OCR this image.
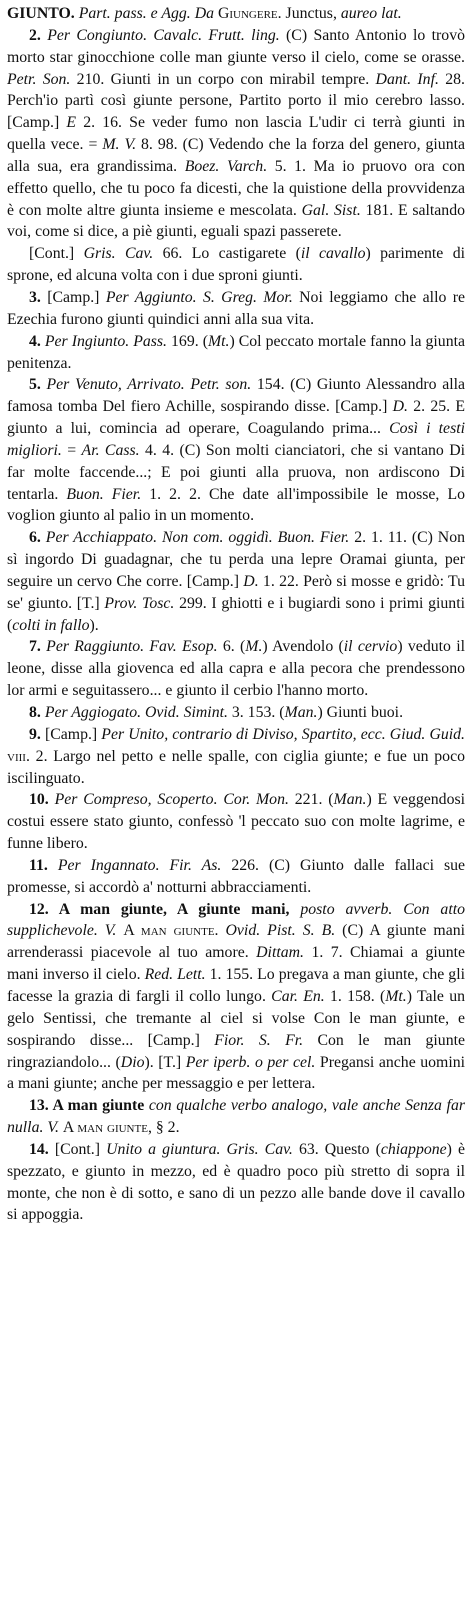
GIUNTO. Part. pass. e Agg. Da Giungere. Junctus, aureo lat.

2. Per Congiunto. Cavalc. Frutt. ling. (C) Santo Antonio lo trovò morto star ginocchione colle man giunte verso il cielo, come se orasse. Petr. Son. 210. Giunti in un corpo con mirabil tempre. Dant. Inf. 28. Perch'io partì così giunte persone, Partito porto il mio cerebro lasso. [Camp.] E 2. 16. Se veder fumo non lascia L'udir ci terrà giunti in quella vece. = M. V. 8. 98. (C) Vedendo che la forza del genero, giunta alla sua, era grandissima. Boez. Varch. 5. 1. Ma io pruovo ora con effetto quello, che tu poco fa dicesti, che la quistione della provvidenza è con molte altre giunta insieme e mescolata. Gal. Sist. 181. E saltando voi, come si dice, a piè giunti, eguali spazi passerete.

[Cont.] Gris. Cav. 66. Lo castigarete (il cavallo) parimente di sprone, ed alcuna volta con i due sproni giunti.

3. [Camp.] Per Aggiunto. S. Greg. Mor. Noi leggiamo che allo re Ezechia furono giunti quindici anni alla sua vita.

4. Per Ingiunto. Pass. 169. (Mt.) Col peccato mortale fanno la giunta penitenza.

5. Per Venuto, Arrivato. Petr. son. 154. (C) Giunto Alessandro alla famosa tomba Del fiero Achille, sospirando disse. [Camp.] D. 2. 25. E giunto a lui, comincia ad operare, Coagulando prima... Così i testi migliori. = Ar. Cass. 4. 4. (C) Son molti cianciatori, che si vantano Di far molte faccende...; E poi giunti alla pruova, non ardiscono Di tentarla. Buon. Fier. 1. 2. 2. Che date all'impossibile le mosse, Lo voglion giunto al palio in un momento.

6. Per Acchiappato. Non com. oggidì. Buon. Fier. 2. 1. 11. (C) Non sì ingordo Di guadagnar, che tu perda una lepre Oramai giunta, per seguire un cervo Che corre. [Camp.] D. 1. 22. Però si mosse e gridò: Tu se' giunto. [T.] Prov. Tosc. 299. I ghiotti e i bugiardi sono i primi giunti (colti in fallo).

7. Per Raggiunto. Fav. Esop. 6. (M.) Avendolo (il cervio) veduto il leone, disse alla giovenca ed alla capra e alla pecora che prendessono lor armi e seguitassero... e giunto il cerbio l'hanno morto.

8. Per Aggiogato. Ovid. Simint. 3. 153. (Man.) Giunti buoi.

9. [Camp.] Per Unito, contrario di Diviso, Spartito, ecc. Giud. Guid. viii. 2. Largo nel petto e nelle spalle, con ciglia giunte; e fue un poco iscilinguato.

10. Per Compreso, Scoperto. Cor. Mon. 221. (Man.) E veggendosi costui essere stato giunto, confessò 'l peccato suo con molte lagrime, e funne libero.

11. Per Ingannato. Fir. As. 226. (C) Giunto dalle fallaci sue promesse, si accordò a' notturni abbracciamenti.

12. A man giunte, A giunte mani, posto avverb. Con atto supplichevole. V. A man giunte. Ovid. Pist. S. B. (C) A giunte mani arrenderassi piacevole al tuo amore. Dittam. 1. 7. Chiamai a giunte mani inverso il cielo. Red. Lett. 1. 155. Lo pregava a man giunte, che gli facesse la grazia di fargli il collo lungo. Car. En. 1. 158. (Mt.) Tale un gelo Sentissi, che tremante al ciel si volse Con le man giunte, e sospirando disse... [Camp.] Fior. S. Fr. Con le man giunte ringraziandolo... (Dio). [T.] Per iperb. o per cel. Pregansi anche uomini a mani giunte; anche per messaggio e per lettera.

13. A man giunte con qualche verbo analogo, vale anche Senza far nulla. V. A man giunte, § 2.

14. [Cont.] Unito a giuntura. Gris. Cav. 63. Questo (chiappone) è spezzato, e giunto in mezzo, ed è quadro poco più stretto di sopra il monte, che non è di sotto, e sano di un pezzo alle bande dove il cavallo si appoggia.
